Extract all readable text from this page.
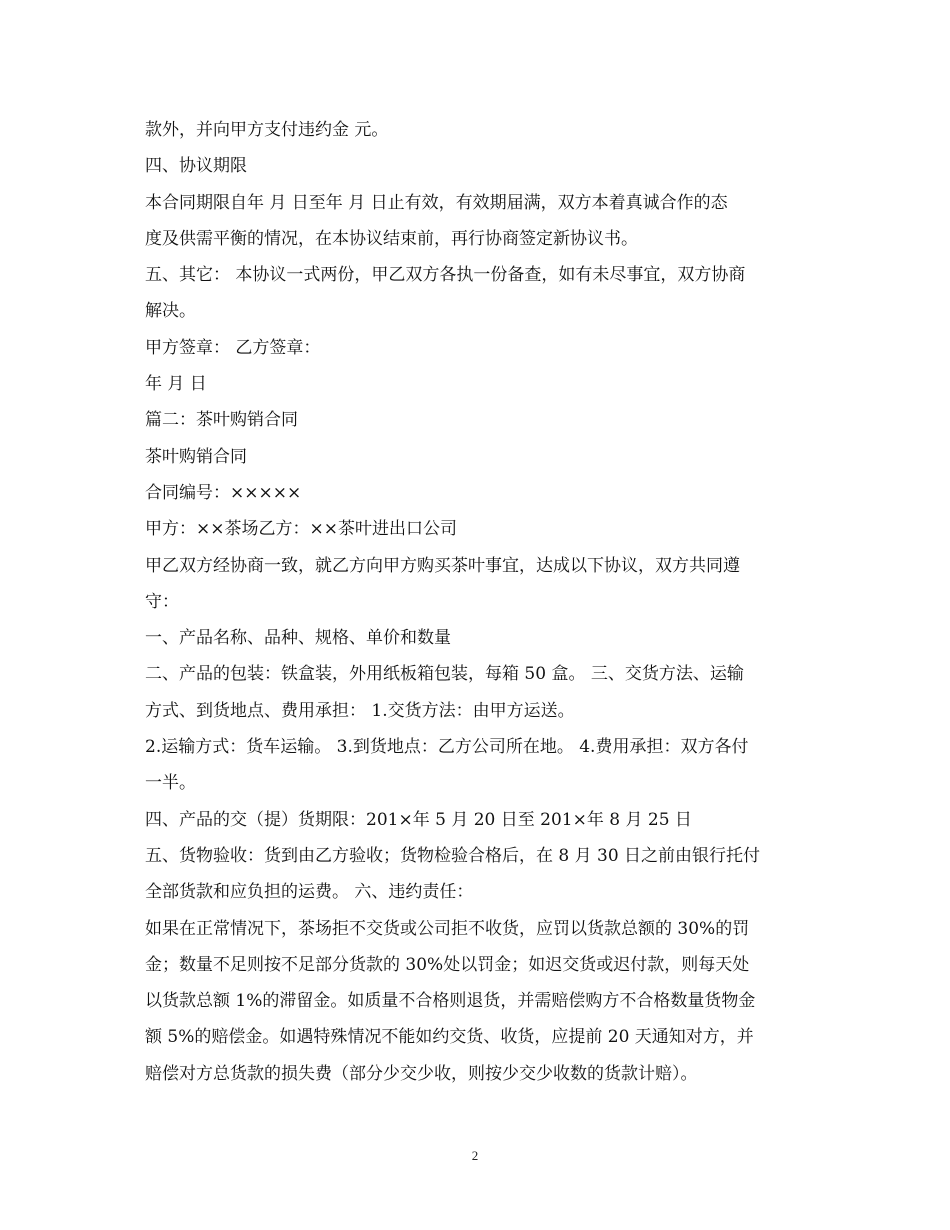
款外，并向甲方支付违约金 元。
四、协议期限
本合同期限自年 月 日至年 月 日止有效，有效期届满，双方本着真诚合作的态
度及供需平衡的情况，在本协议结束前，再行协商签定新协议书。
五、其它： 本协议一式两份，甲乙双方各执一份备查，如有未尽事宜，双方协商
解决。
甲方签章： 乙方签章：
年 月 日
篇二：茶叶购销合同
茶叶购销合同
合同编号：×××××
甲方：××茶场乙方：××茶叶进出口公司
甲乙双方经协商一致，就乙方向甲方购买茶叶事宜，达成以下协议，双方共同遵
守：
一、产品名称、品种、规格、单价和数量
二、产品的包装：铁盒装，外用纸板箱包装，每箱 50 盒。 三、交货方法、运输
方式、到货地点、费用承担： 1.交货方法：由甲方运送。
2.运输方式：货车运输。 3.到货地点：乙方公司所在地。 4.费用承担：双方各付
一半。
四、产品的交（提）货期限：201×年 5 月 20 日至 201×年 8 月 25 日
五、货物验收：货到由乙方验收；货物检验合格后，在 8 月 30 日之前由银行托付
全部货款和应负担的运费。 六、违约责任：
如果在正常情况下，茶场拒不交货或公司拒不收货，应罚以货款总额的 30%的罚
金；数量不足则按不足部分货款的 30%处以罚金；如迟交货或迟付款，则每天处
以货款总额 1%的滞留金。如质量不合格则退货，并需赔偿购方不合格数量货物金
额 5%的赔偿金。如遇特殊情况不能如约交货、收货，应提前 20 天通知对方，并
赔偿对方总货款的损失费（部分少交少收，则按少交少收数的货款计赔）。
2
